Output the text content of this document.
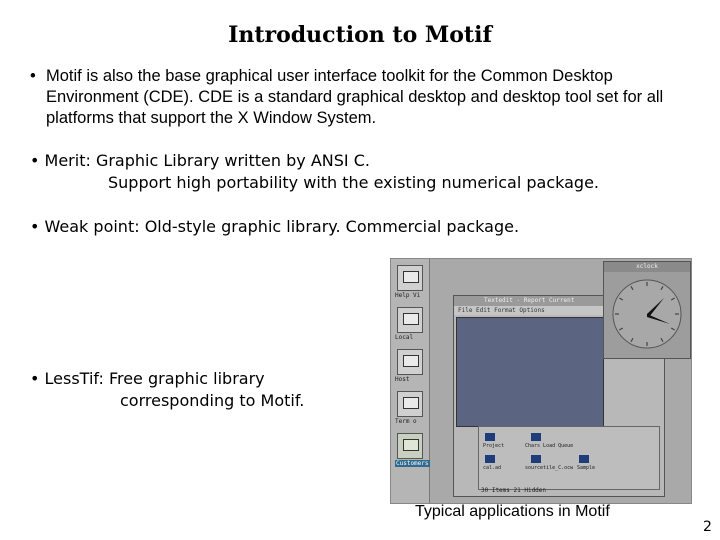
Introduction to Motif
• Motif is also the base graphical user interface toolkit for the Common Desktop Environment (CDE). CDE is a standard graphical desktop and desktop tool set for all platforms that support the X Window System.
• Merit: Graphic Library written by ANSI C.
Support high portability with the existing numerical package.
• Weak point: Old-style graphic library. Commercial package.
• LessTif: Free graphic library
corresponding to Motif.
Help Vi
Local
Host
Term o
Customers
Textedit - Report Current
File Edit Format Options
Project	Chars Load Queue
cal.ad	sourcetile_C.ocw Sample
30 Items 21 Hidden
xclock
Typical applications in Motif
2
